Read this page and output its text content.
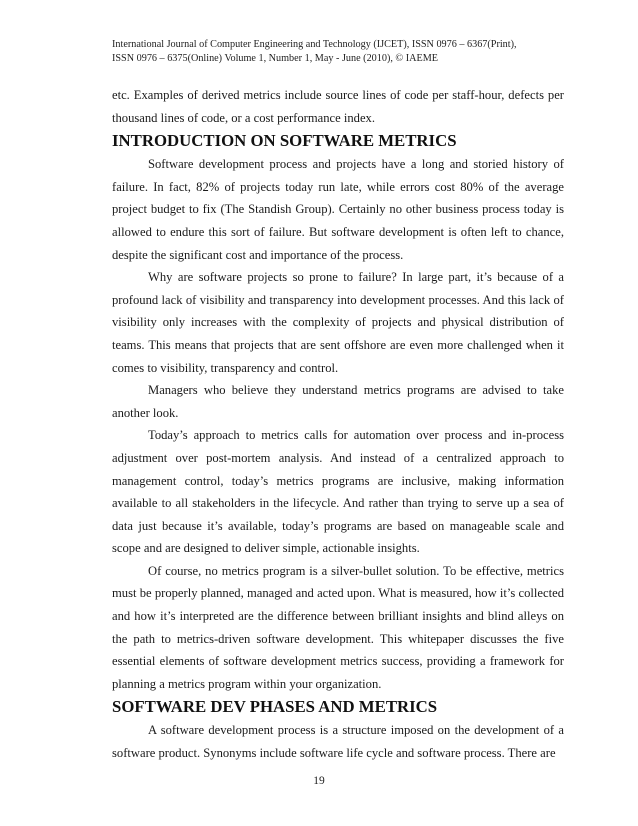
International Journal of Computer Engineering and Technology (IJCET), ISSN 0976 – 6367(Print),
ISSN 0976 – 6375(Online) Volume 1, Number 1, May - June (2010), © IAEME

etc. Examples of derived metrics include source lines of code per staff-hour, defects per thousand lines of code, or a cost performance index.

INTRODUCTION ON SOFTWARE METRICS

Software development process and projects have a long and storied history of failure. In fact, 82% of projects today run late, while errors cost 80% of the average project budget to fix (The Standish Group). Certainly no other business process today is allowed to endure this sort of failure. But software development is often left to chance, despite the significant cost and importance of the process.

Why are software projects so prone to failure? In large part, it’s because of a profound lack of visibility and transparency into development processes. And this lack of visibility only increases with the complexity of projects and physical distribution of teams. This means that projects that are sent offshore are even more challenged when it comes to visibility, transparency and control.

Managers who believe they understand metrics programs are advised to take another look.

Today’s approach to metrics calls for automation over process and in-process adjustment over post-mortem analysis. And instead of a centralized approach to management control, today’s metrics programs are inclusive, making information available to all stakeholders in the lifecycle. And rather than trying to serve up a sea of data just because it’s available, today’s programs are based on manageable scale and scope and are designed to deliver simple, actionable insights.

Of course, no metrics program is a silver-bullet solution. To be effective, metrics must be properly planned, managed and acted upon. What is measured, how it’s collected and how it’s interpreted are the difference between brilliant insights and blind alleys on the path to metrics-driven software development. This whitepaper discusses the five essential elements of software development metrics success, providing a framework for planning a metrics program within your organization.

SOFTWARE DEV PHASES AND METRICS

A software development process is a structure imposed on the development of a software product. Synonyms include software life cycle and software process. There are

19
